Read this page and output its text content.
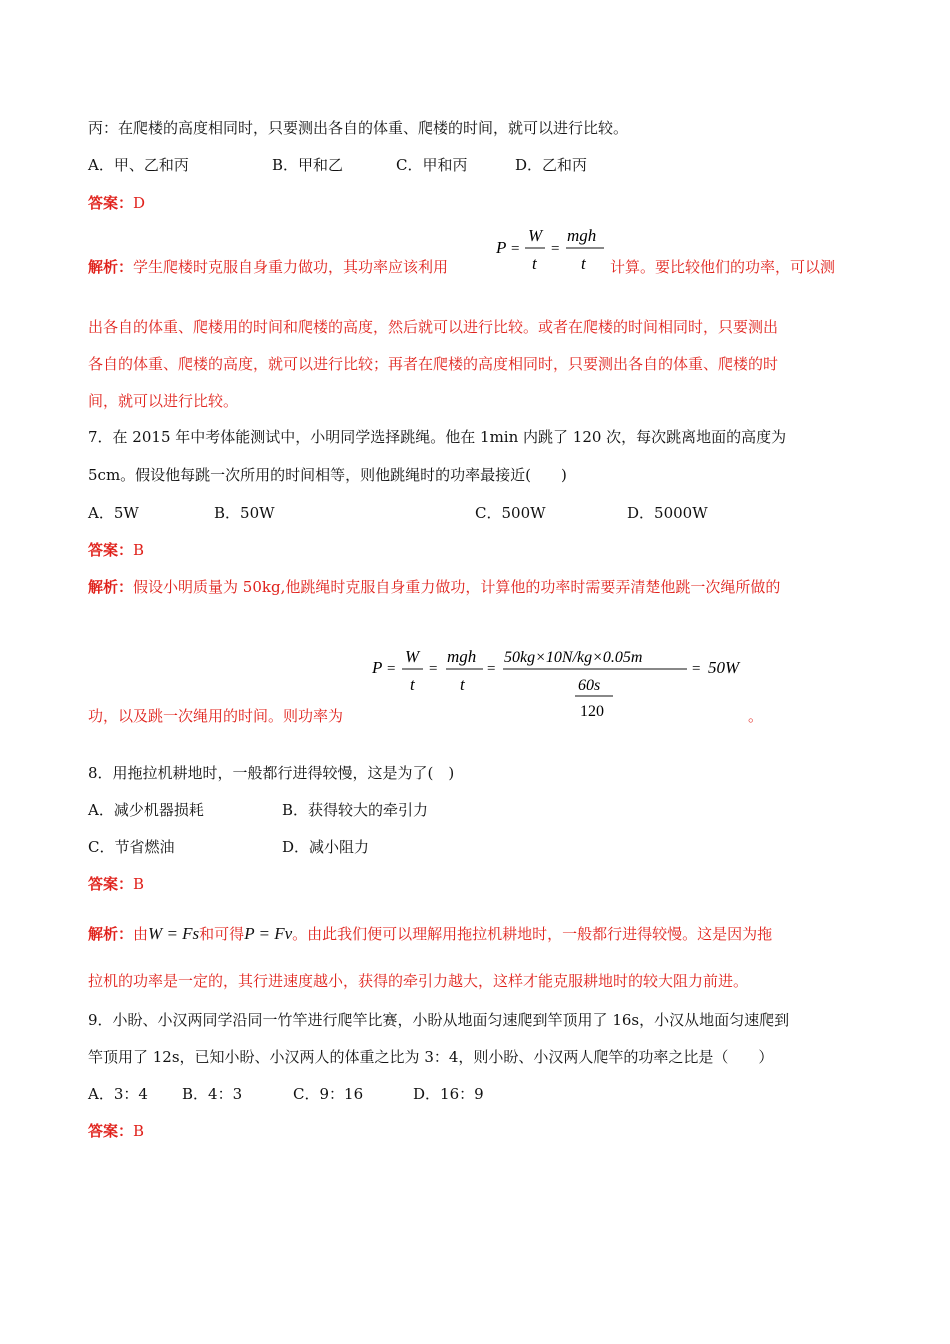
丙：在爬楼的高度相同时，只要测出各自的体重、爬楼的时间，就可以进行比较。
A．甲、乙和丙	B．甲和乙	C．甲和丙	D．乙和丙
答案：D
P =
W
t
=
mgh
t
解析：学生爬楼时克服自身重力做功，其功率应该利用	计算。要比较他们的功率，可以测
出各自的体重、爬楼用的时间和爬楼的高度，然后就可以进行比较。或者在爬楼的时间相同时，只要测出
各自的体重、爬楼的高度，就可以进行比较；再者在爬楼的高度相同时，只要测出各自的体重、爬楼的时
间，就可以进行比较。
7．在 2015 年中考体能测试中，小明同学选择跳绳。他在 1min 内跳了 120 次，每次跳离地面的高度为
5cm。假设他每跳一次所用的时间相等，则他跳绳时的功率最接近(　　)
A．5W	B．50W	C．500W	D．5000W
答案：B
解析：假设小明质量为 50kg,他跳绳时克服自身重力做功，计算他的功率时需要弄清楚他跳一次绳所做的
P =
W
t
=
mgh
t
=
50kg×10N/kg×0.05m
60s
120
= 50W
功，以及跳一次绳用的时间。则功率为	。
8．用拖拉机耕地时，一般都行进得较慢，这是为了(　)
A．减少机器损耗	B．获得较大的牵引力
C．节省燃油	D．减小阻力
答案：B
解析：由W = Fs和可得P = Fv。由此我们便可以理解用拖拉机耕地时，一般都行进得较慢。这是因为拖
拉机的功率是一定的，其行进速度越小，获得的牵引力越大，这样才能克服耕地时的较大阻力前进。
9．小盼、小汉两同学沿同一竹竿进行爬竿比赛，小盼从地面匀速爬到竿顶用了 16s，小汉从地面匀速爬到
竿顶用了 12s，已知小盼、小汉两人的体重之比为 3：4，则小盼、小汉两人爬竿的功率之比是（　　）
A．3：4 B．4：3	C．9：16	D．16：9
答案：B
